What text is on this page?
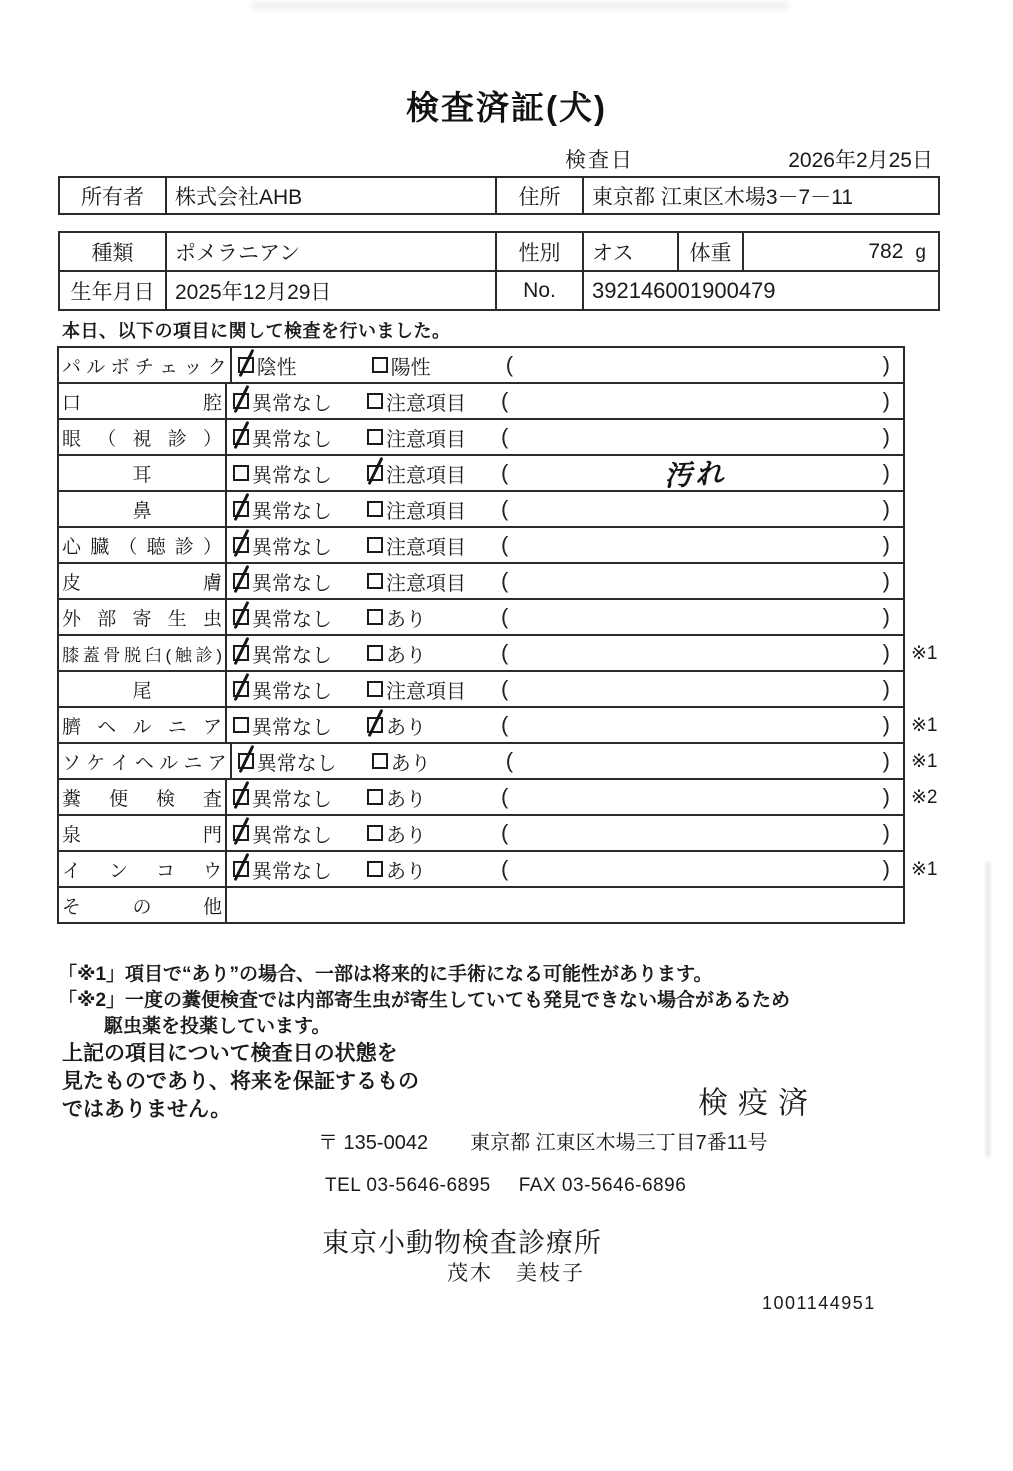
検査済証(犬)
検査日	2026年2月25日
所有者	株式会社AHB	住所	東京都 江東区木場3－7－11
種類	ポメラニアン	性別	オス	体重	782 g

生年月日	2025年12月29日	No.	392146001900479		
本日、以下の項目に関して検査を行いました。
パ ル ボ チ ェ ッ ク 陰性	陽性	(	)
口 腔 異常なし	注意項目 (	)
眼 （ 視 診 ） 異常なし	注意項目 (	)
耳	異常なし	注意項目 (	汚れ	)
鼻	異常なし	注意項目 (	)
心 臓 （ 聴 診 ） 異常なし	注意項目 (	)
皮 膚 異常なし	注意項目 (	)
外 部 寄 生 虫 異常なし	あり	(	)
膝蓋骨脱臼(触診) 異常なし	あり	(	)	※1
尾	異常なし	注意項目 (	)
臍 ヘ ル ニ ア 異常なし	あり	(	)	※1
ソ ケ イ ヘ ル ニ ア 異常なし	あり	(	)	※1
糞 便 検 査 異常なし	あり	(	)	※2
泉 門 異常なし	あり	(	)
イ ン コ ウ 異常なし	あり	(	)	※1
そ の 他
「※1」項目で“あり”の場合、一部は将来的に手術になる可能性があります。
「※2」一度の糞便検査では内部寄生虫が寄生していても発見できない場合があるため
駆虫薬を投薬しています。
上記の項目について検査日の状態を
見たものであり、将来を保証するもの
ではありません。	検疫済
〒 135-0042 東京都 江東区木場三丁目7番11号
TEL 03-5646-6895 FAX 03-5646-6896
東京小動物検査診療所
茂木　美枝子
1001144951
